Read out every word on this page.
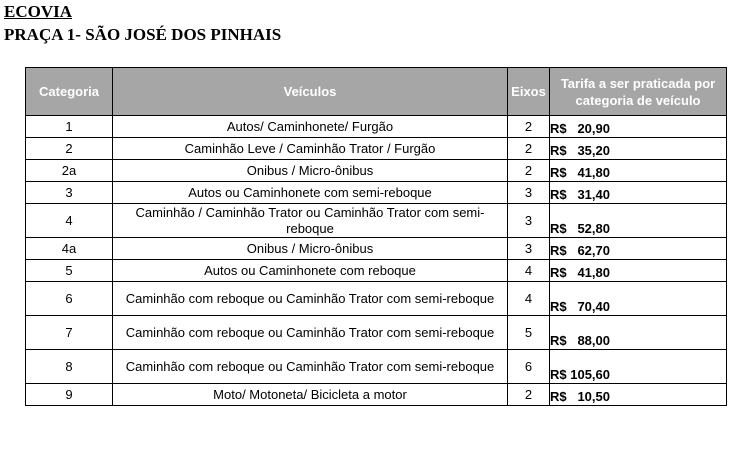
ECOVIA
PRAÇA 1- SÃO JOSÉ DOS PINHAIS
Categoria	Veículos	Eixos	Tarifa a ser praticada por categoria de veículo
1	Autos/ Caminhonete/ Furgão	2	R$   20,90
2	Caminhão Leve / Caminhão Trator / Furgão	2	R$   35,20
2a	Onibus / Micro-ônibus	2	R$   41,80
3	Autos ou Caminhonete com semi-reboque	3	R$   31,40
4	Caminhão / Caminhão Trator ou Caminhão Trator com semi-reboque	3	R$   52,80
4a	Onibus / Micro-ônibus	3	R$   62,70
5	Autos ou Caminhonete com reboque	4	R$   41,80
6	Caminhão com reboque ou Caminhão Trator com semi-reboque	4	R$   70,40
7	Caminhão com reboque ou Caminhão Trator com semi-reboque	5	R$   88,00
8	Caminhão com reboque ou Caminhão Trator com semi-reboque	6	R$ 105,60
9	Moto/ Motoneta/ Bicicleta a motor	2	R$   10,50
